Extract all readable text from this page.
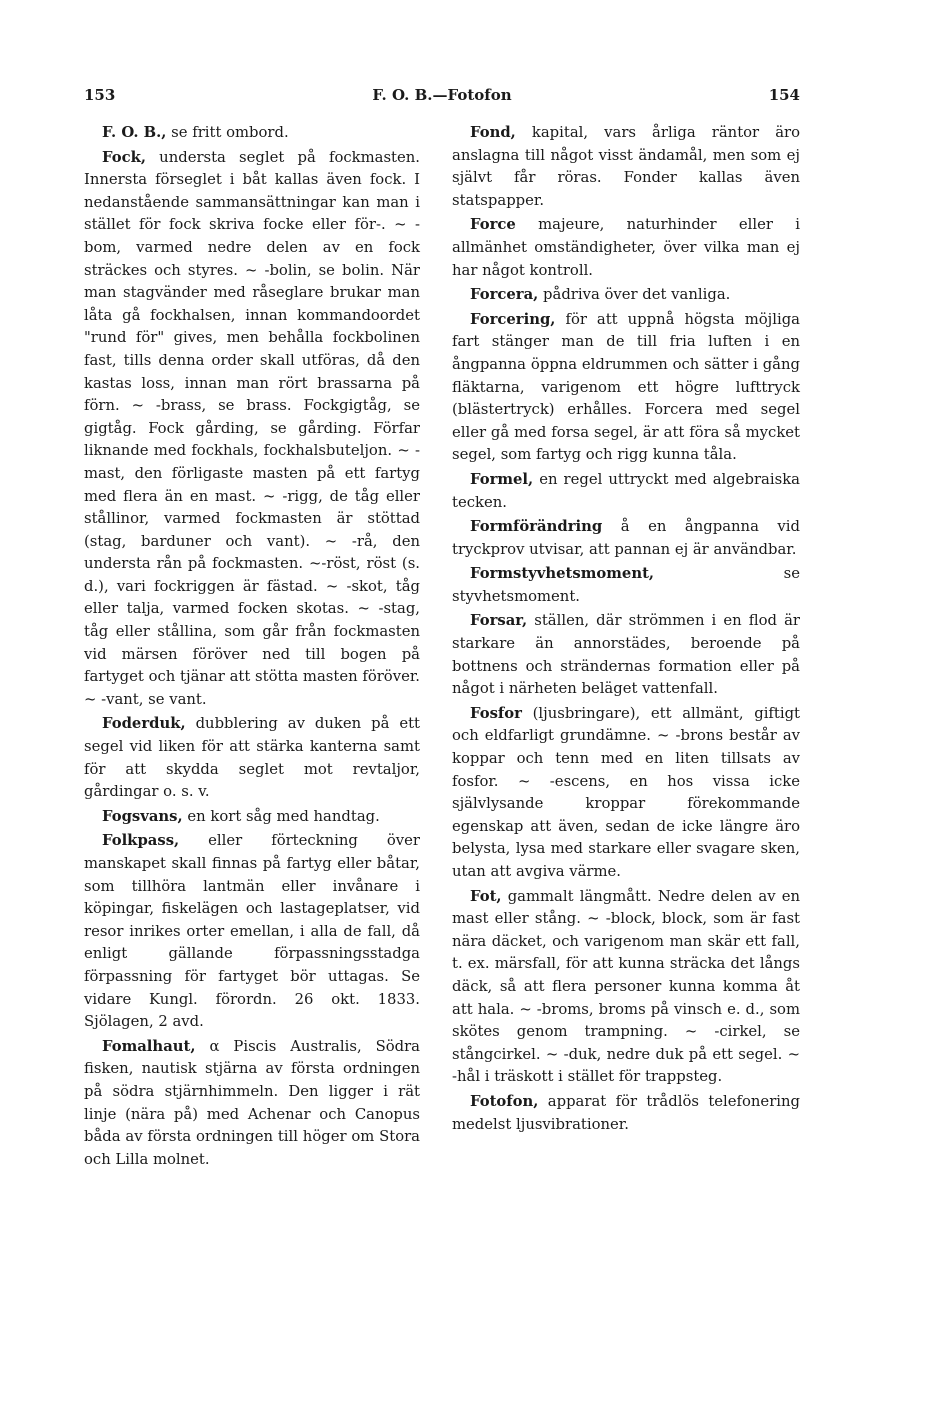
153	F. O. B.—Fotofon	154

F. O. B., se fritt ombord.

Fock, understa seglet på fockmasten. Innersta förseglet i båt kallas även fock. I nedanstående sammansättningar kan man i stället för fock skriva focke eller för-. ~ -bom, varmed nedre delen av en fock sträckes och styres. ~ -bolin, se bolin. När man stagvänder med råseglare brukar man låta gå fockhalsen, innan kommandoordet "rund för" gives, men behålla fockbolinen fast, tills denna order skall utföras, då den kastas loss, innan man rört brassarna på förn. ~ -brass, se brass. Fockgigtåg, se gigtåg. Fock gårding, se gårding. Förfar liknande med fockhals, fockhalsbuteljon. ~ -mast, den förligaste masten på ett fartyg med flera än en mast. ~ -rigg, de tåg eller stållinor, varmed fockmasten är stöttad (stag, barduner och vant). ~ -rå, den understa rån på fockmasten. ~-röst, röst (s. d.), vari fockriggen är fästad. ~ -skot, tåg eller talja, varmed focken skotas. ~ -stag, tåg eller stållina, som går från fockmasten vid märsen föröver ned till bogen på fartyget och tjänar att stötta masten föröver. ~ -vant, se vant.

Foderduk, dubblering av duken på ett segel vid liken för att stärka kanterna samt för att skydda seglet mot revtaljor, gårdingar o. s. v.

Fogsvans, en kort såg med handtag.

Folkpass, eller förteckning över manskapet skall finnas på fartyg eller båtar, som tillhöra lantmän eller invånare i köpingar, fiskelägen och lastageplatser, vid resor inrikes orter emellan, i alla de fall, då enligt gällande förpassningsstadga förpassning för fartyget bör uttagas. Se vidare Kungl. förordn. 26 okt. 1833. Sjölagen, 2 avd.

Fomalhaut, α Piscis Australis, Södra fisken, nautisk stjärna av första ordningen på södra stjärnhimmeln. Den ligger i rät linje (nära på) med Achenar och Canopus båda av första ordningen till höger om Stora och Lilla molnet.

Fond, kapital, vars årliga räntor äro anslagna till något visst ändamål, men som ej självt får röras. Fonder kallas även statspapper.

Force majeure, naturhinder eller i allmänhet omständigheter, över vilka man ej har något kontroll.

Forcera, pådriva över det vanliga.

Forcering, för att uppnå högsta möjliga fart stänger man de till fria luften i en ångpanna öppna eldrummen och sätter i gång fläktarna, varigenom ett högre lufttryck (blästertryck) erhålles. Forcera med segel eller gå med forsa segel, är att föra så mycket segel, som fartyg och rigg kunna tåla.

Formel, en regel uttryckt med algebraiska tecken.

Formförändring å en ångpanna vid tryckprov utvisar, att pannan ej är användbar.

Formstyvhetsmoment, se styvhetsmoment.

Forsar, ställen, där strömmen i en flod är starkare än annorstädes, beroende på bottnens och strändernas formation eller på något i närheten beläget vattenfall.

Fosfor (ljusbringare), ett allmänt, giftigt och eldfarligt grundämne. ~ -brons består av koppar och tenn med en liten tillsats av fosfor. ~ -escens, en hos vissa icke självlysande kroppar förekommande egenskap att även, sedan de icke längre äro belysta, lysa med starkare eller svagare sken, utan att avgiva värme.

Fot, gammalt längmått. Nedre delen av en mast eller stång. ~ -block, block, som är fast nära däcket, och varigenom man skär ett fall, t. ex. märsfall, för att kunna sträcka det långs däck, så att flera personer kunna komma åt att hala. ~ -broms, broms på vinsch e. d., som skötes genom trampning. ~ -cirkel, se stångcirkel. ~ -duk, nedre duk på ett segel. ~ -hål i träskott i stället för trappsteg.

Fotofon, apparat för trådlös telefonering medelst ljusvibrationer.
